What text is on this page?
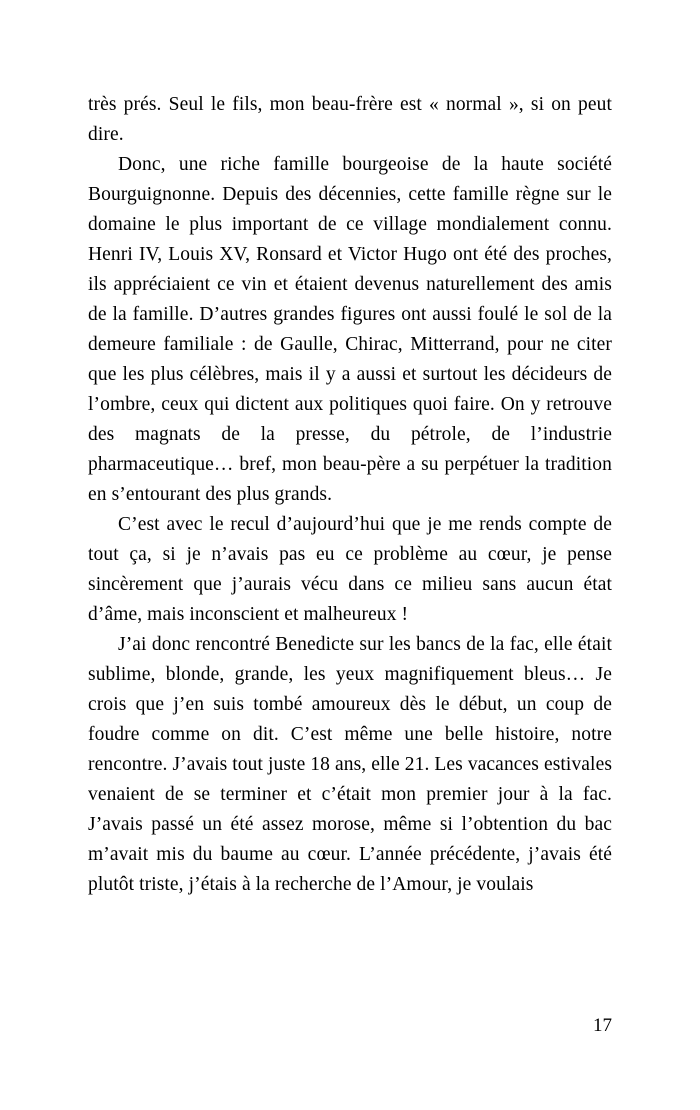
très prés. Seul le fils, mon beau-frère est « normal », si on peut dire.

Donc, une riche famille bourgeoise de la haute société Bourguignonne. Depuis des décennies, cette famille règne sur le domaine le plus important de ce village mondialement connu. Henri IV, Louis XV, Ronsard et Victor Hugo ont été des proches, ils appréciaient ce vin et étaient devenus naturellement des amis de la famille. D’autres grandes figures ont aussi foulé le sol de la demeure familiale : de Gaulle, Chirac, Mitterrand, pour ne citer que les plus célèbres, mais il y a aussi et surtout les décideurs de l’ombre, ceux qui dictent aux politiques quoi faire. On y retrouve des magnats de la presse, du pétrole, de l’industrie pharmaceutique… bref, mon beau-père a su perpétuer la tradition en s’entourant des plus grands.

C’est avec le recul d’aujourd’hui que je me rends compte de tout ça, si je n’avais pas eu ce problème au cœur, je pense sincèrement que j’aurais vécu dans ce milieu sans aucun état d’âme, mais inconscient et malheureux !

J’ai donc rencontré Benedicte sur les bancs de la fac, elle était sublime, blonde, grande, les yeux magnifiquement bleus… Je crois que j’en suis tombé amoureux dès le début, un coup de foudre comme on dit. C’est même une belle histoire, notre rencontre. J’avais tout juste 18 ans, elle 21. Les vacances estivales venaient de se terminer et c’était mon premier jour à la fac. J’avais passé un été assez morose, même si l’obtention du bac m’avait mis du baume au cœur. L’année précédente, j’avais été plutôt triste, j’étais à la recherche de l’Amour, je voulais

17
